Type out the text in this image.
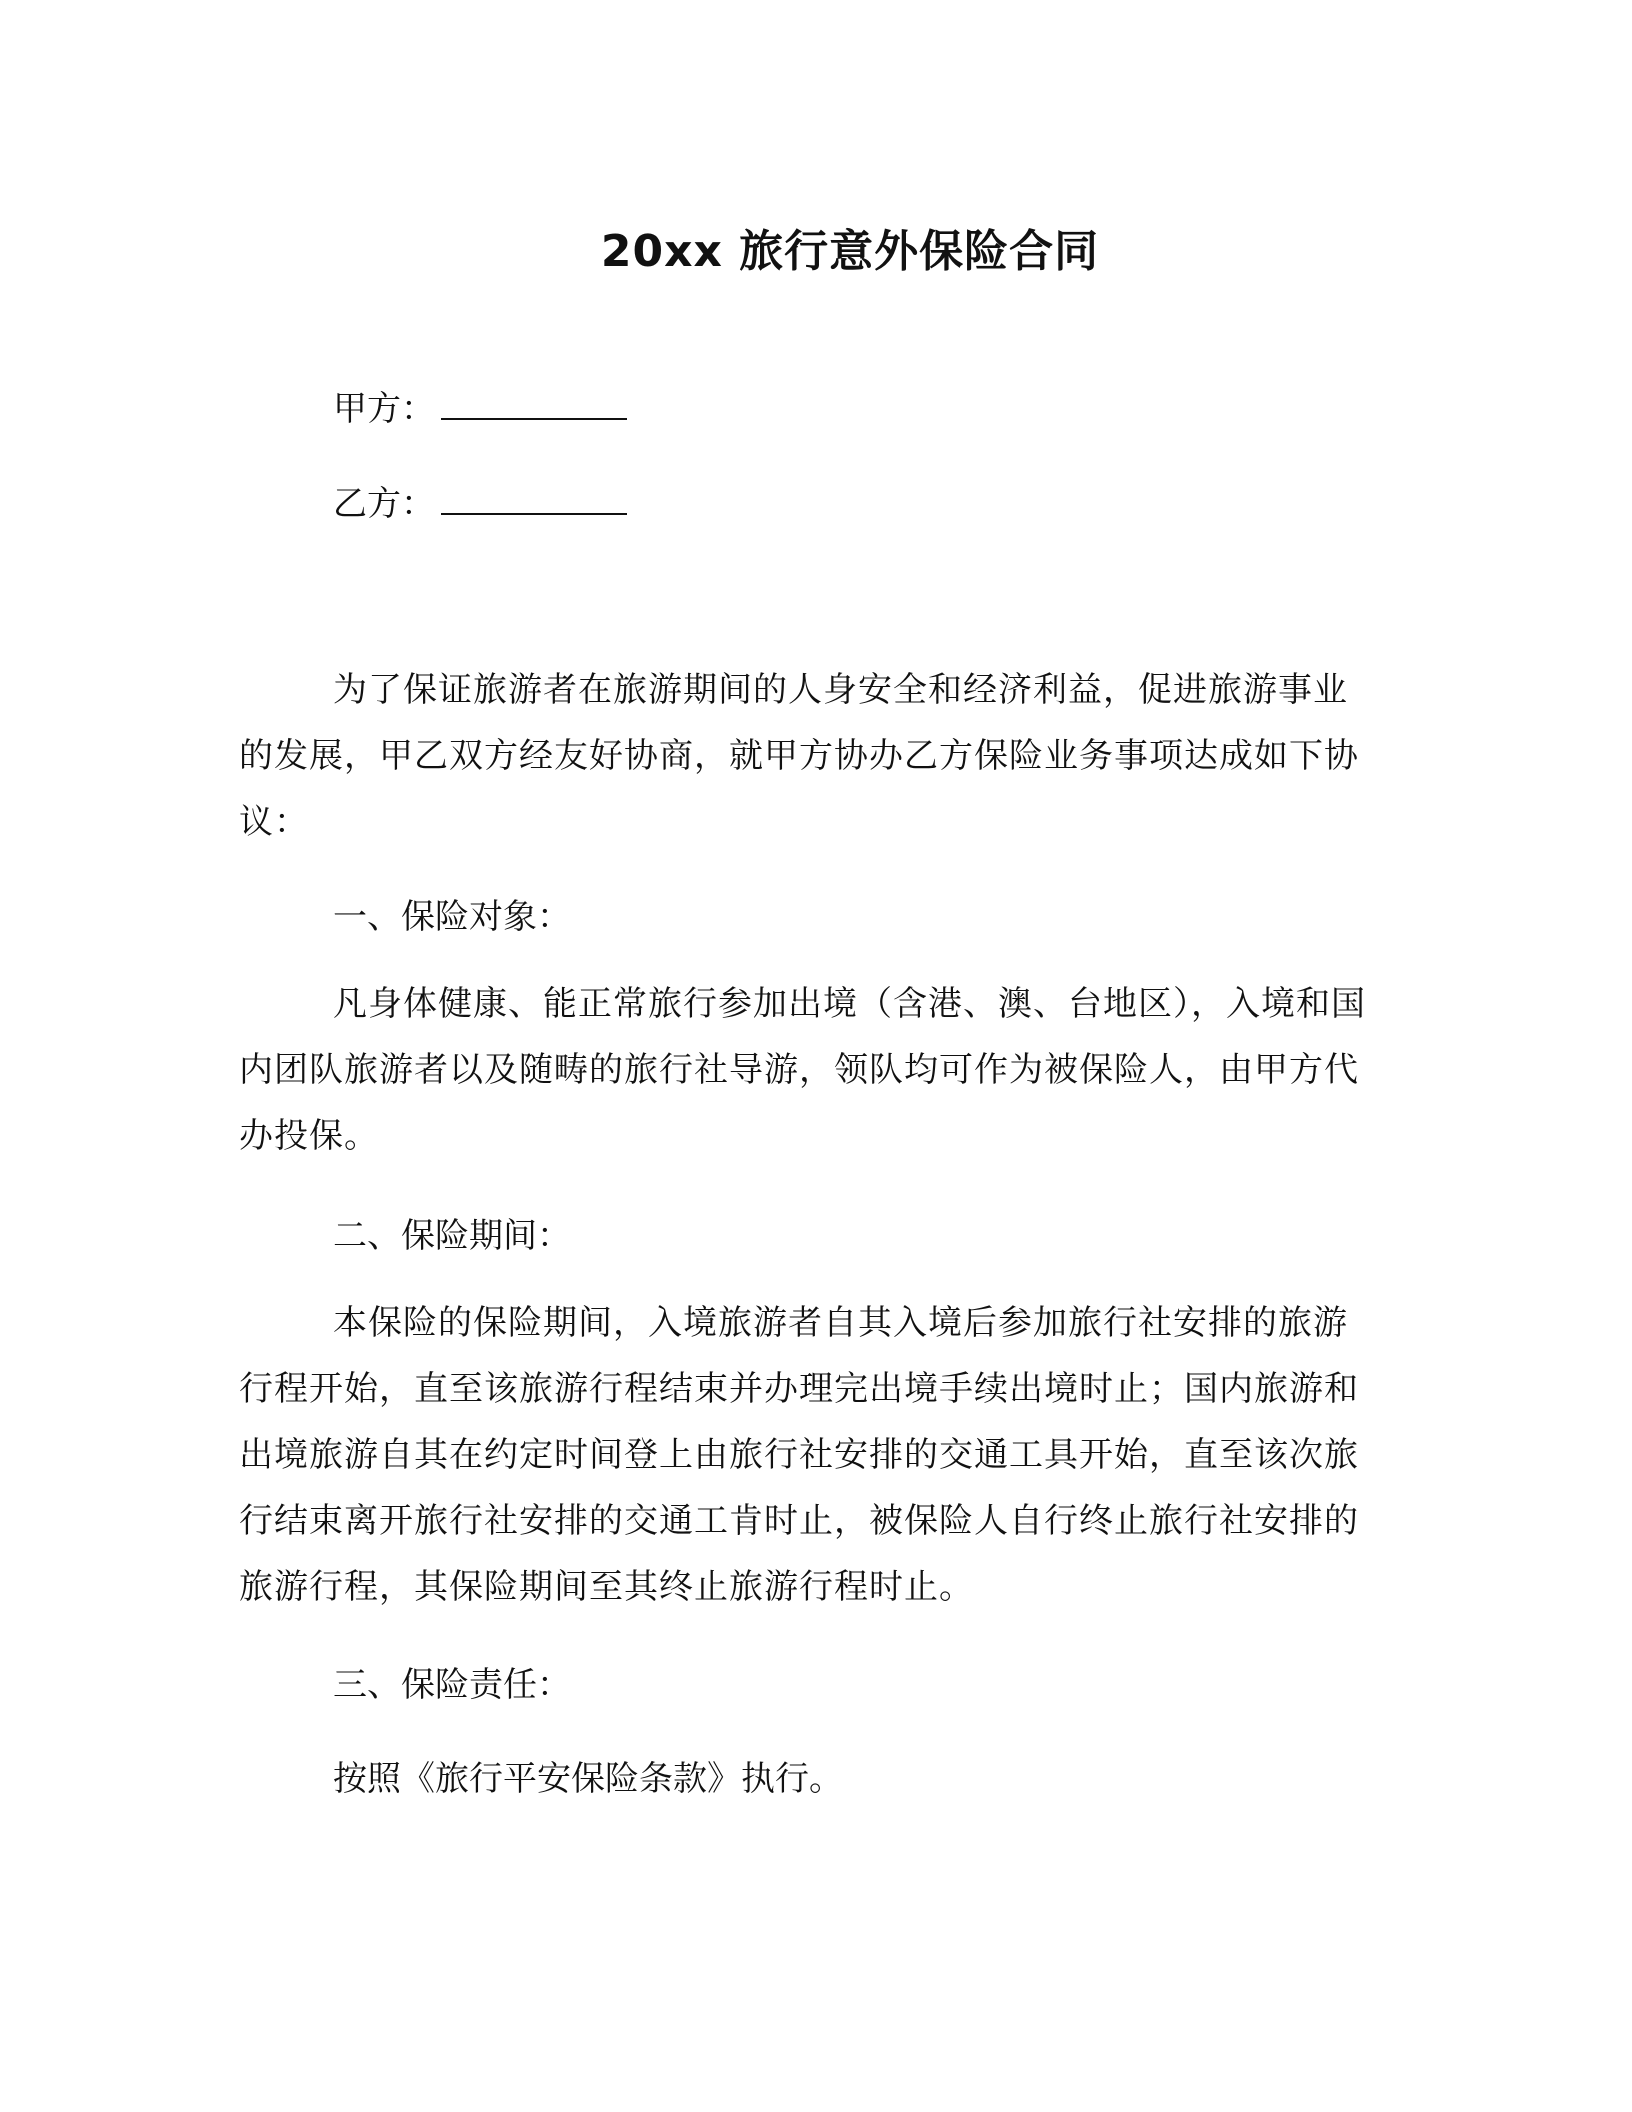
20xx 旅行意外保险合同
甲方：
乙方：

为了保证旅游者在旅游期间的人身安全和经济利益，促进旅游事业的发展，甲乙双方经友好协商，就甲方协办乙方保险业务事项达成如下协议：

一、保险对象：

凡身体健康、能正常旅行参加出境（含港、澳、台地区），入境和国内团队旅游者以及随畴的旅行社导游，领队均可作为被保险人，由甲方代办投保。

二、保险期间：

本保险的保险期间，入境旅游者自其入境后参加旅行社安排的旅游行程开始，直至该旅游行程结束并办理完出境手续出境时止；国内旅游和出境旅游自其在约定时间登上由旅行社安排的交通工具开始，直至该次旅行结束离开旅行社安排的交通工肯时止，被保险人自行终止旅行社安排的旅游行程，其保险期间至其终止旅游行程时止。

三、保险责任：

按照《旅行平安保险条款》执行。
